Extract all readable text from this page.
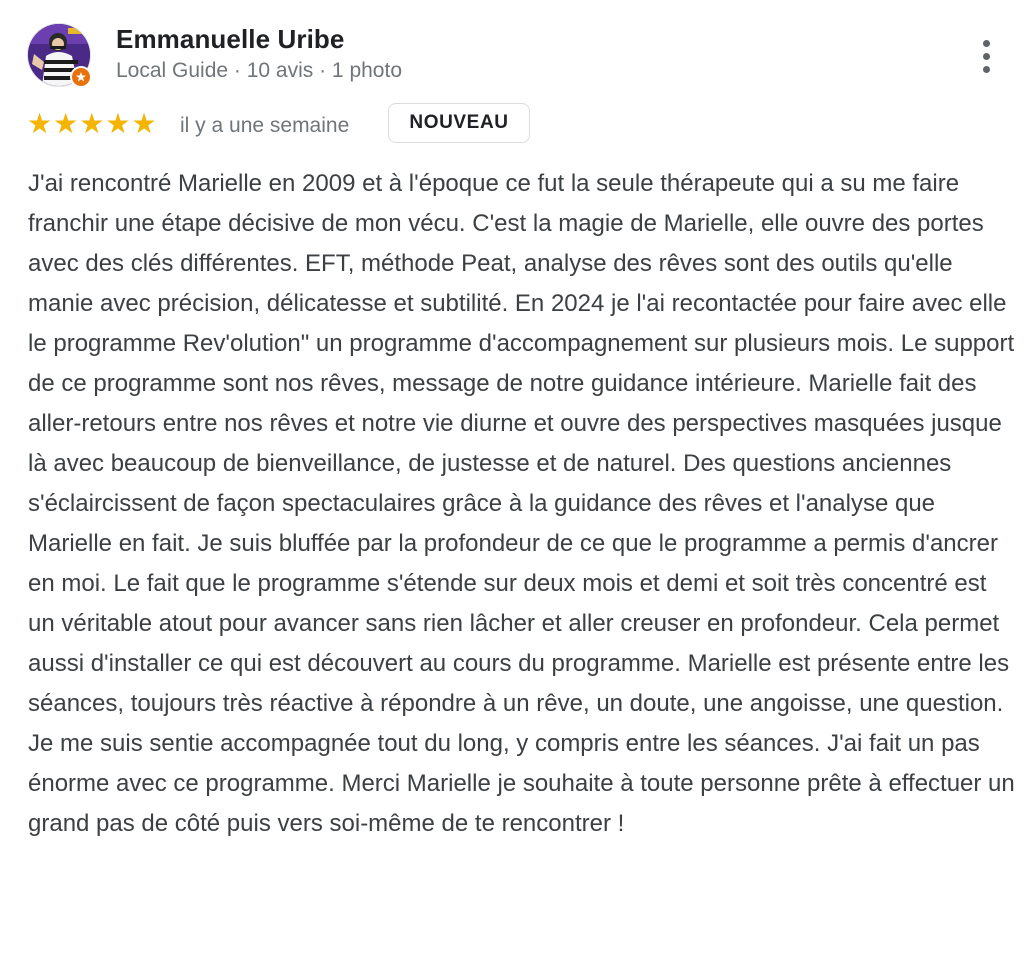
Emmanuelle Uribe
Local Guide · 10 avis · 1 photo
★ ★ ★ ★ ★ il y a une semaine	NOUVEAU

J'ai rencontré Marielle en 2009 et à l'époque ce fut la seule thérapeute qui a su me faire franchir une étape décisive de mon vécu. C'est la magie de Marielle, elle ouvre des portes avec des clés différentes. EFT, méthode Peat, analyse des rêves sont des outils qu'elle manie avec précision, délicatesse et subtilité. En 2024 je l'ai recontactée pour faire avec elle le programme Rev'olution" un programme d'accompagnement sur plusieurs mois. Le support de ce programme sont nos rêves, message de notre guidance intérieure. Marielle fait des aller-retours entre nos rêves et notre vie diurne et ouvre des perspectives masquées jusque là avec beaucoup de bienveillance, de justesse et de naturel. Des questions anciennes s'éclaircissent de façon spectaculaires grâce à la guidance des rêves et l'analyse que Marielle en fait. Je suis bluffée par la profondeur de ce que le programme a permis d'ancrer en moi. Le fait que le programme s'étende sur deux mois et demi et soit très concentré est un véritable atout pour avancer sans rien lâcher et aller creuser en profondeur. Cela permet aussi d'installer ce qui est découvert au cours du programme. Marielle est présente entre les séances, toujours très réactive à répondre à un rêve, un doute, une angoisse, une question. Je me suis sentie accompagnée tout du long, y compris entre les séances. J'ai fait un pas énorme avec ce programme. Merci Marielle je souhaite à toute personne prête à effectuer un grand pas de côté puis vers soi-même de te rencontrer !
